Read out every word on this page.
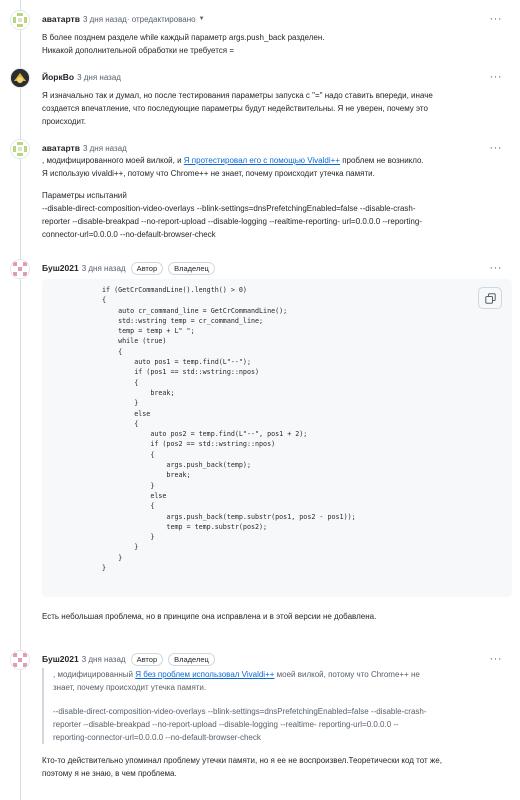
аватартв 3 дня назад · отредактировано ▼	···

В более позднем разделе while каждый параметр args.push_back разделен.

Никакой дополнительной обработки не требуется =

ЙоркВо 3 дня назад	···

Я изначально так и думал, но после тестирования параметры запуска с "=" надо ставить впереди, иначе

создается впечатление, что последующие параметры будут недействительны. Я не уверен, почему это

происходит.

аватартв 3 дня назад	···

, модифицированного моей вилкой, и Я протестировал его с помощью Vivaldi++ проблем не возникло.

Я использую vivaldi++, потому что Chrome++ не знает, почему происходит утечка памяти.

Параметры испытаний

--disable-direct-composition-video-overlays --blink-settings=dnsPrefetchingEnabled=false --disable-crash-

reporter --disable-breakpad --no-report-upload --disable-logging --realtime-reporting- url=0.0.0.0 --reporting-

connector-url=0.0.0.0 --no-default-browser-check

Буш2021 3 дня назад	Автор	Владелец	···
if (GetCrCommandLine().length() > 0)
{
auto cr_command_line = GetCrCommandLine();
std::wstring temp = cr_command_line;
temp = temp + L" ";
while (true)
{
auto pos1 = temp.find(L"--");
if (pos1 == std::wstring::npos)
{
break;
}
else
{
auto pos2 = temp.find(L"--", pos1 + 2);
if (pos2 == std::wstring::npos)
{
args.push_back(temp);
break;
}
else
{
args.push_back(temp.substr(pos1, pos2 - pos1));
temp = temp.substr(pos2);
}
}
}
}

Есть небольшая проблема, но в принципе она исправлена и в этой версии не добавлена.

Буш2021 3 дня назад	Автор	Владелец	···

, модифицированный Я без проблем использовал Vivaldi++ моей вилкой, потому что Chrome++ не

знает, почему происходит утечка памяти.

--disable-direct-composition-video-overlays --blink-settings=dnsPrefetchingEnabled=false --disable-crash-

reporter --disable-breakpad --no-report-upload --disable-logging --realtime- reporting-url=0.0.0.0 --

reporting-connector-url=0.0.0.0 --no-default-browser-check

Кто-то действительно упоминал проблему утечки памяти, но я ее не воспроизвел.Теоретически код тот же,

поэтому я не знаю, в чем проблема.
